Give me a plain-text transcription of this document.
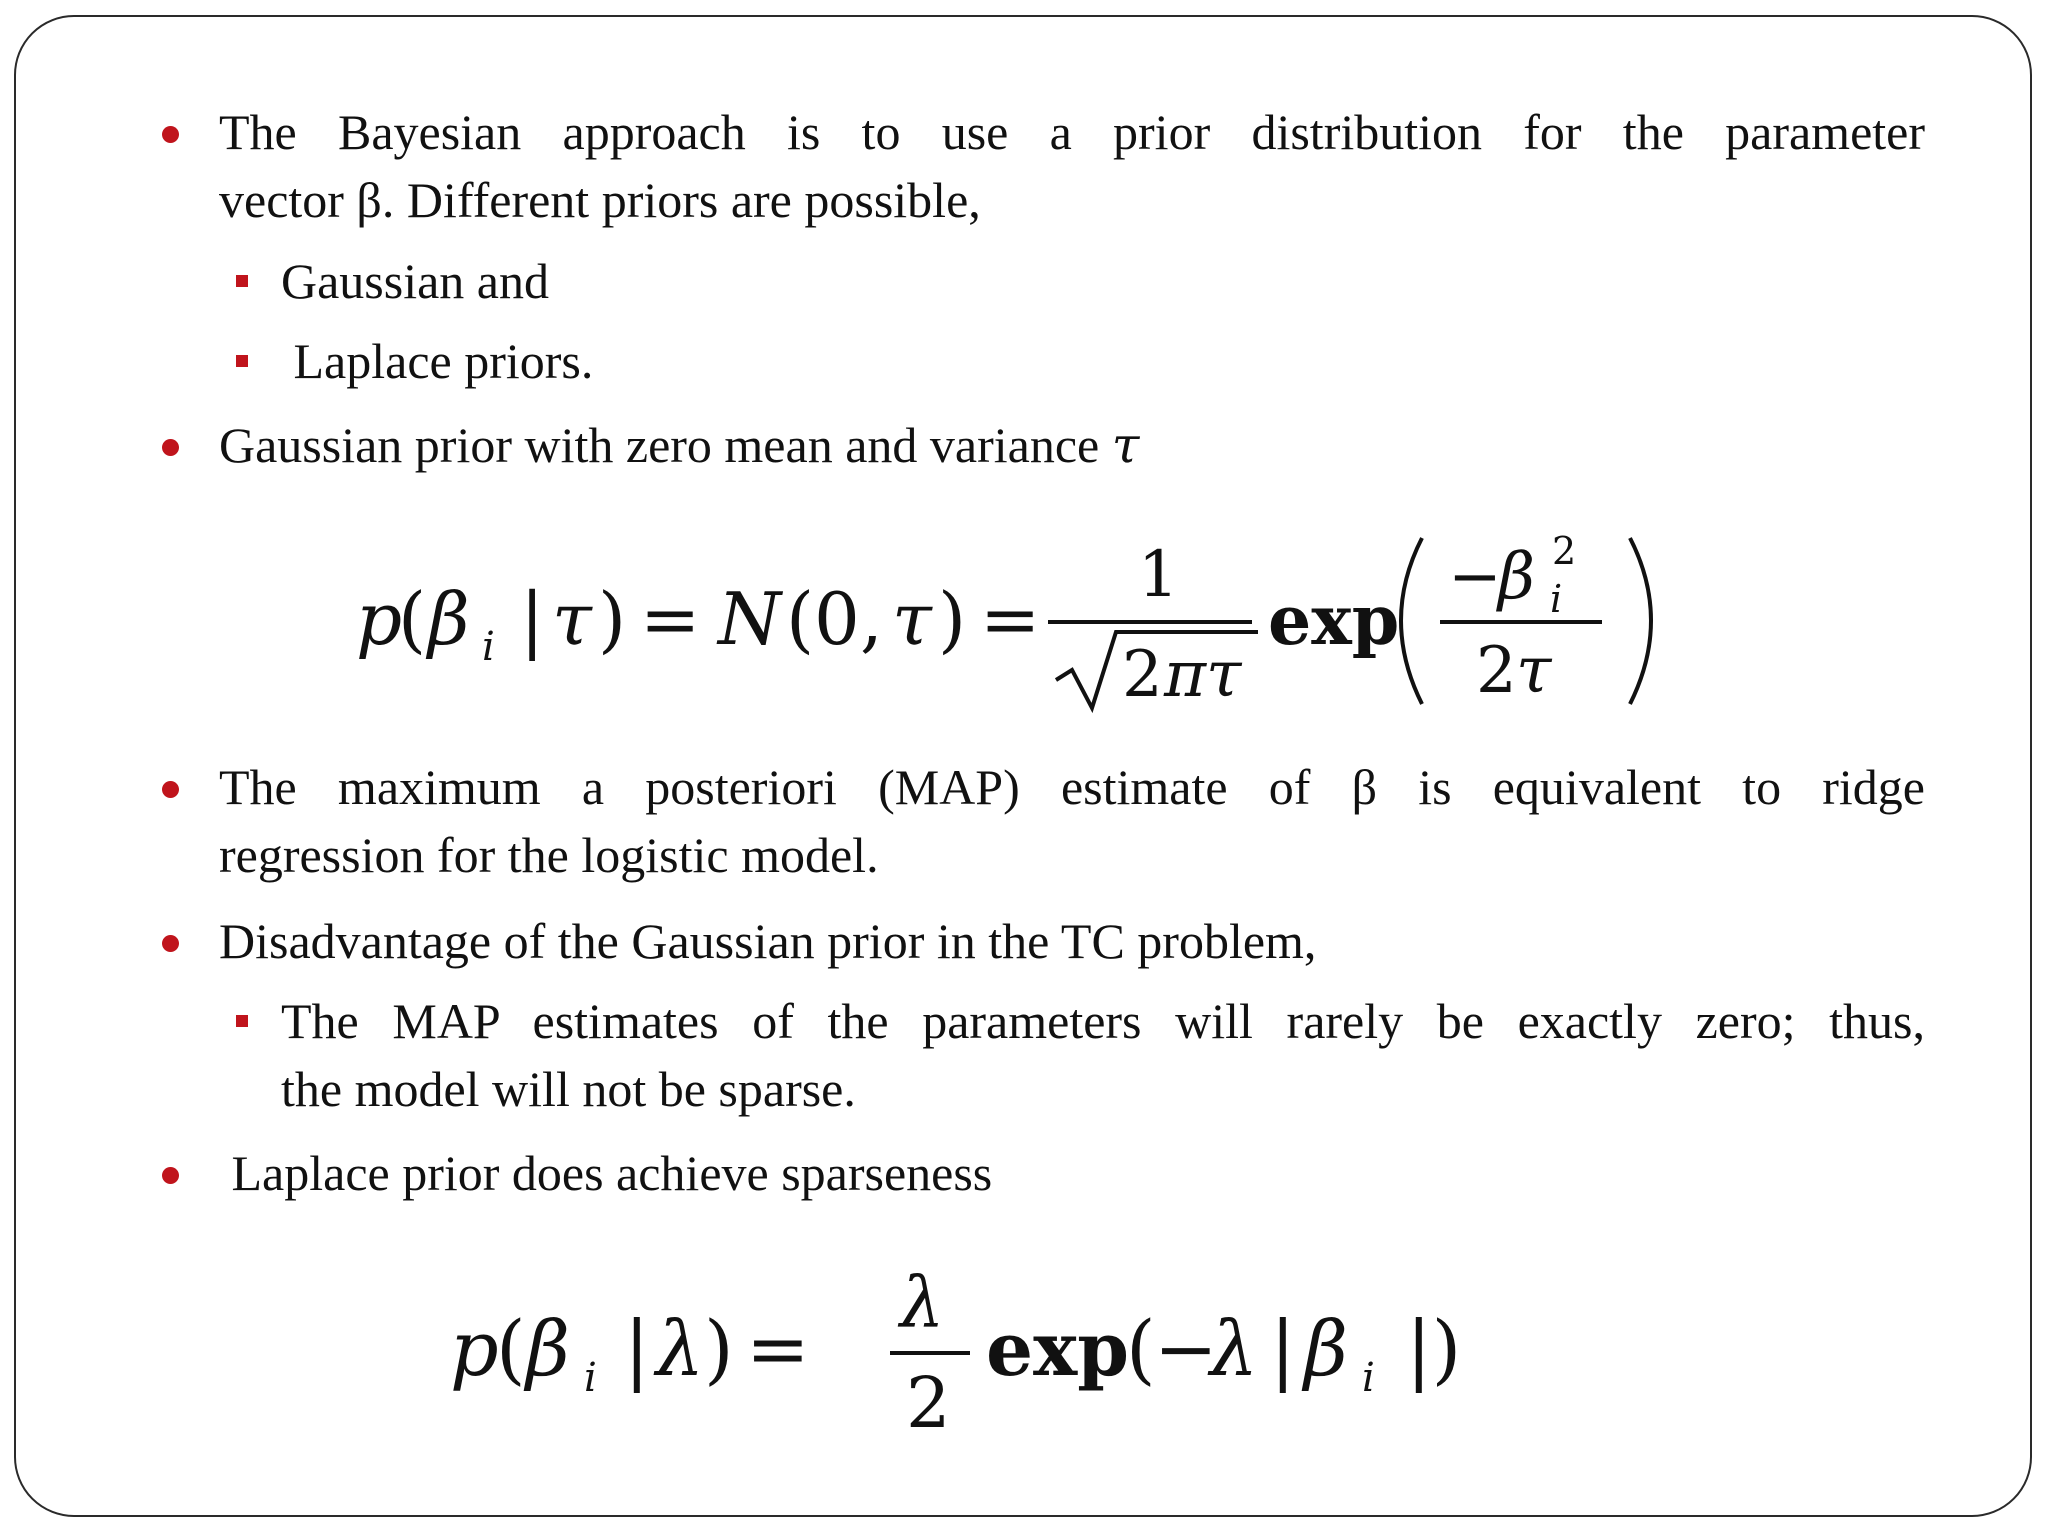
The Bayesian approach is to use a prior distribution for the parameter
vector β. Different priors are possible,
Gaussian and
Laplace priors.
Gaussian prior with zero mean and variance τ
p
( β i | τ ) = N ( 0 , τ ) =
1
2 π τ
exp
−
β 2
i
2 τ
The maximum a posteriori (MAP) estimate of β is equivalent to ridge
regression for the logistic model.
Disadvantage of the Gaussian prior in the TC problem,
The MAP estimates of the parameters will rarely be exactly zero; thus,
the model will not be sparse.
Laplace prior does achieve sparseness
p
( β i | λ ) =
λ
2
exp
(
−
λ | β i |)
